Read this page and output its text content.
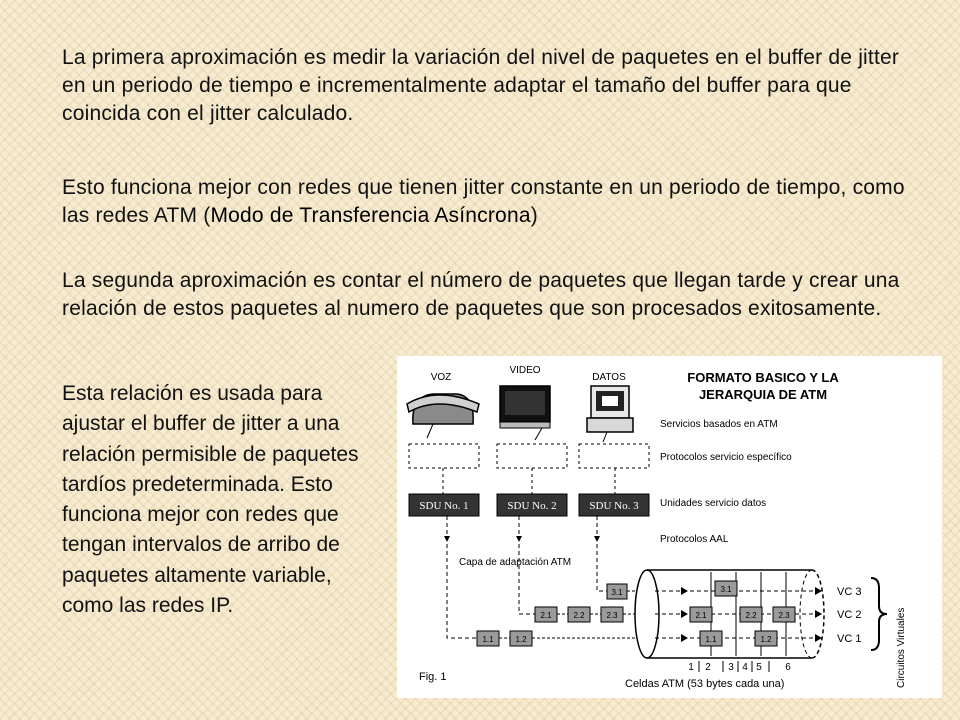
La primera aproximación es medir la variación del nivel de paquetes en el buffer de jitter en un periodo de tiempo e incrementalmente adaptar el tamaño del buffer para que coincida con el jitter calculado.

Esto funciona mejor con redes que tienen jitter constante en un periodo de tiempo, como las redes ATM (Modo de Transferencia Asíncrona)

La segunda aproximación es contar el número de paquetes que llegan tarde y crear una relación de estos paquetes al numero de paquetes que son procesados exitosamente.

Esta relación es usada para ajustar el buffer de jitter a una relación permisible de paquetes tardíos predeterminada. Esto funciona mejor con redes que tengan intervalos de arribo de paquetes altamente variable, como las redes IP.

FORMATO BASICO Y LA
JERARQUIA DE ATM
VOZ
VIDEO
DATOS
Servicios basados en ATM
Protocolos servicio específico
Unidades servicio datos
Protocolos AAL
SDU No. 1	SDU No. 2	SDU No. 3
Capa de adaptación ATM
3.1
2.1	2.2	2.3
1.1	1.2
3.1
2.1	2.2	2.3
1.1	1.2
VC 3
VC 2
VC 1	Circuitos Virtuales
1 2 3 4 5 6
Fig. 1
Celdas ATM (53 bytes cada una)
